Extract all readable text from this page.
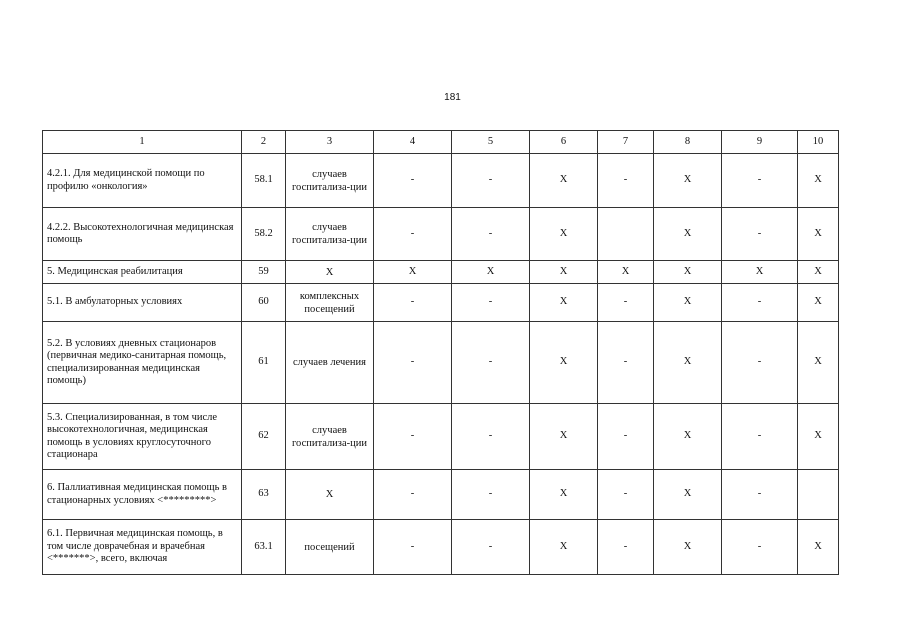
181
1	2	3	4	5	6	7	8	9	10
4.2.1. Для медицинской помощи по профилю «онкология»	58.1	случаев госпитализа-ции	-	-	Х	-	Х	-	Х
4.2.2. Высокотехнологичная медицинская помощь	58.2	случаев госпитализа-ции	-	-	Х		Х	-	Х
5. Медицинская реабилитация	59	Х	Х	Х	Х	Х	Х	Х	Х
5.1. В амбулаторных условиях	60	комплексных посещений	-	-	Х	-	Х	-	Х
5.2. В условиях дневных стационаров (первичная медико-санитарная помощь, специализированная медицинская помощь)	61	случаев лечения	-	-	Х	-	Х	-	Х
5.3. Специализированная, в том числе высокотехнологичная, медицинская помощь в условиях круглосуточного стационара	62	случаев госпитализа-ции	-	-	Х	-	Х	-	Х
6. Паллиативная медицинская помощь в стационарных условиях <*********>	63	Х	-	-	Х	-	Х	-	
6.1. Первичная медицинская помощь, в том числе доврачебная и врачебная <*******>, всего, включая	63.1	посещений	-	-	Х	-	Х	-	Х
